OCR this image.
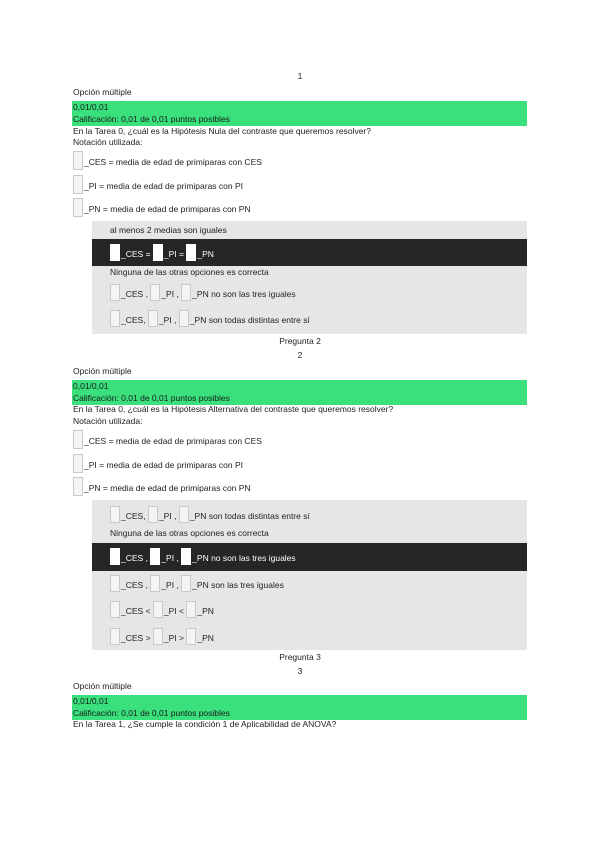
1
Opción múltiple
0,01/0,01
Calificación: 0,01 de 0,01 puntos posibles
En la Tarea 0, ¿cuál es la Hipótesis Nula del contraste que queremos resolver?
Notación utilizada:
_CES = media de edad de primiparas con CES
_PI = media de edad de primiparas con PI
_PN = media de edad de primiparas con PN
al menos 2 medias son iguales
_CES = _PI = _PN
Ninguna de las otras opciones es correcta
_CES , _PI , _PN no son las tres iguales
_CES, _PI , _PN son todas distintas entre sí
Pregunta 2
2
Opción múltiple
0,01/0,01
Calificación: 0,01 de 0,01 puntos posibles
En la Tarea 0, ¿cuál es la Hipótesis Alternativa del contraste que queremos resolver?
Notación utilizada:
_CES = media de edad de primiparas con CES
_PI = media de edad de primiparas con PI
_PN = media de edad de primiparas con PN
_CES, _PI , _PN son todas distintas entre sí
Ninguna de las otras opciones es correcta
_CES , _PI , _PN no son las tres iguales
_CES , _PI , _PN son las tres iguales
_CES < _PI < _PN
_CES > _PI > _PN
Pregunta 3
3
Opción múltiple
0,01/0,01
Calificación: 0,01 de 0,01 puntos posibles
En la Tarea 1, ¿Se cumple la condición 1 de Aplicabilidad de ANOVA?
